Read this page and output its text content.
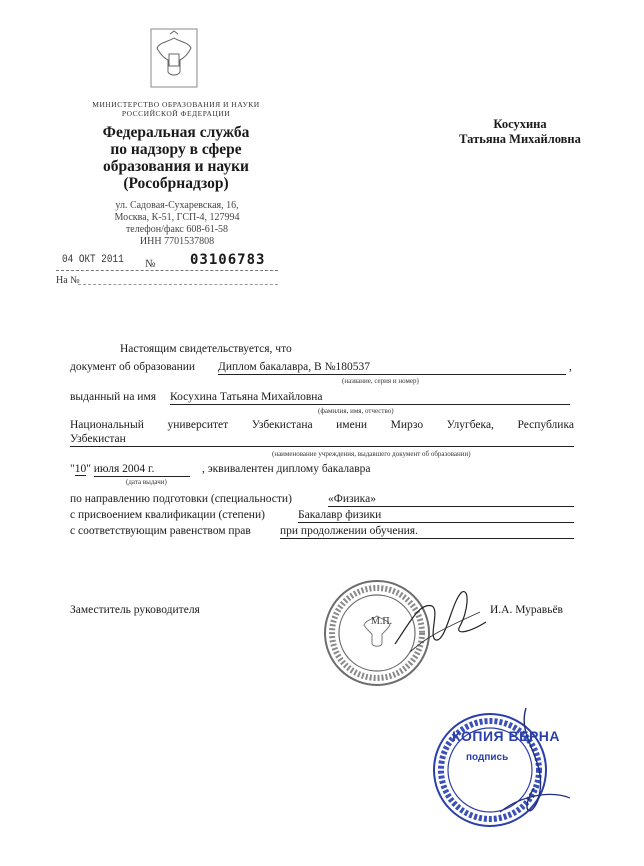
МИНИСТЕРСТВО ОБРАЗОВАНИЯ И НАУКИ РОССИЙСКОЙ ФЕДЕРАЦИИ
Федеральная служба
по надзору в сфере
образования и науки
(Рособрнадзор)
ул. Садовая-Сухаревская, 16,
Москва, К-51, ГСП-4, 127994
телефон/факс 608-61-58
ИНН 7701537808
04 ОКТ 2011 № 03106783
На №
Косухина
Татьяна Михайловна
Настоящим свидетельствуется, что
документ об образовании Диплом бакалавра, В №180537	,
(название, серия и номер)
выданный на имя Косухина Татьяна Михайловна
(фамилия, имя, отчество)
Национальный университет Узбекистана имени Мирзо Улугбека, Республика
Узбекистан
(наименование учреждения, выдавшего документ об образовании)
"10" июля 2004 г.	, эквивалентен диплому бакалавра
(дата выдачи)
по направлению подготовки (специальности)	«Физика»
с присвоением квалификации (степени)	Бакалавр физики
с соответствующим равенством прав	при продолжении обучения.
Заместитель руководителя	И.А. Муравьёв
М.П.
КОПИЯ ВЕРНА
подпись
